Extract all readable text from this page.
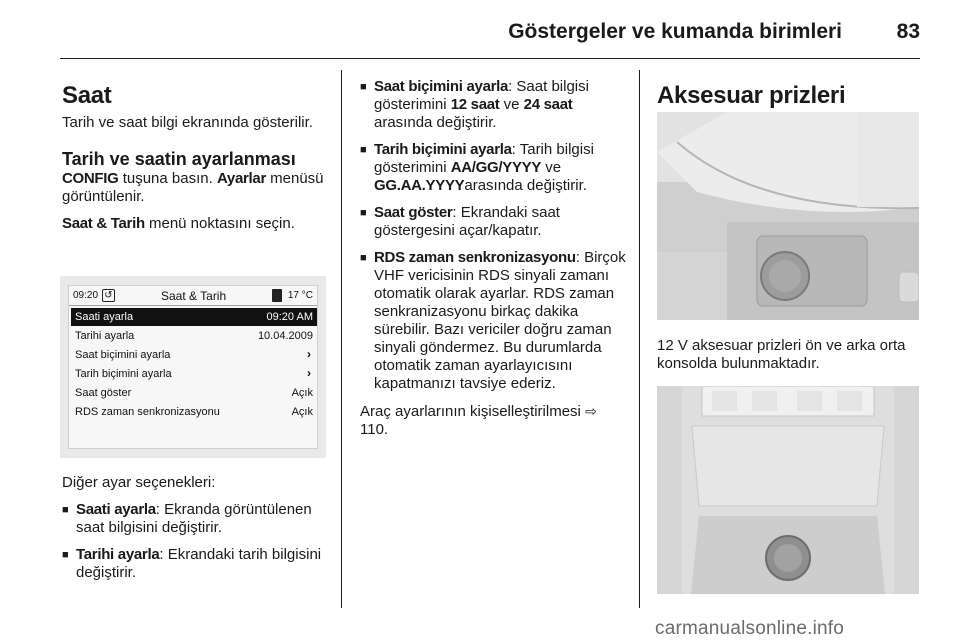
Göstergeler ve kumanda birimleri	83
Saat

Tarih ve saat bilgi ekranında gösterilir.

Tarih ve saatin ayarlanması

CONFIG tuşuna basın. Ayarlar menüsü görüntülenir.

Saat & Tarih menü noktasını seçin.

09:20 ↺	Saat & Tarih	17 °C
Saati ayarla	09:20 AM
Tarihi ayarla	10.04.2009
Saat biçimini ayarla	›
Tarih biçimini ayarla	›
Saat göster	Açık
RDS zaman senkronizasyonu	Açık

Diğer ayar seçenekleri:

■ Saati ayarla: Ekranda görüntülenen saat bilgisini değiştirir.
■ Tarihi ayarla: Ekrandaki tarih bilgisini değiştirir.
■ Saat biçimini ayarla: Saat bilgisi gösterimini 12 saat ve 24 saat arasında değiştirir.
■ Tarih biçimini ayarla: Tarih bilgisi gösterimini AA/GG/YYYY ve GG.AA.YYYYarasında değiştirir.
■ Saat göster: Ekrandaki saat göstergesini açar/kapatır.
■ RDS zaman senkronizasyonu: Birçok VHF vericisinin RDS sinyali zamanı otomatik olarak ayarlar. RDS zaman senkranizasyonu birkaç dakika sürebilir. Bazı vericiler doğru zaman sinyali göndermez. Bu durumlarda otomatik zaman ayarlayıcısını kapatmanızı tavsiye ederiz.

Araç ayarlarının kişiselleştirilmesi ⇨ 110.

Aksesuar prizleri
12 V aksesuar prizleri ön ve arka orta konsolda bulunmaktadır.
carmanualsonline.info
